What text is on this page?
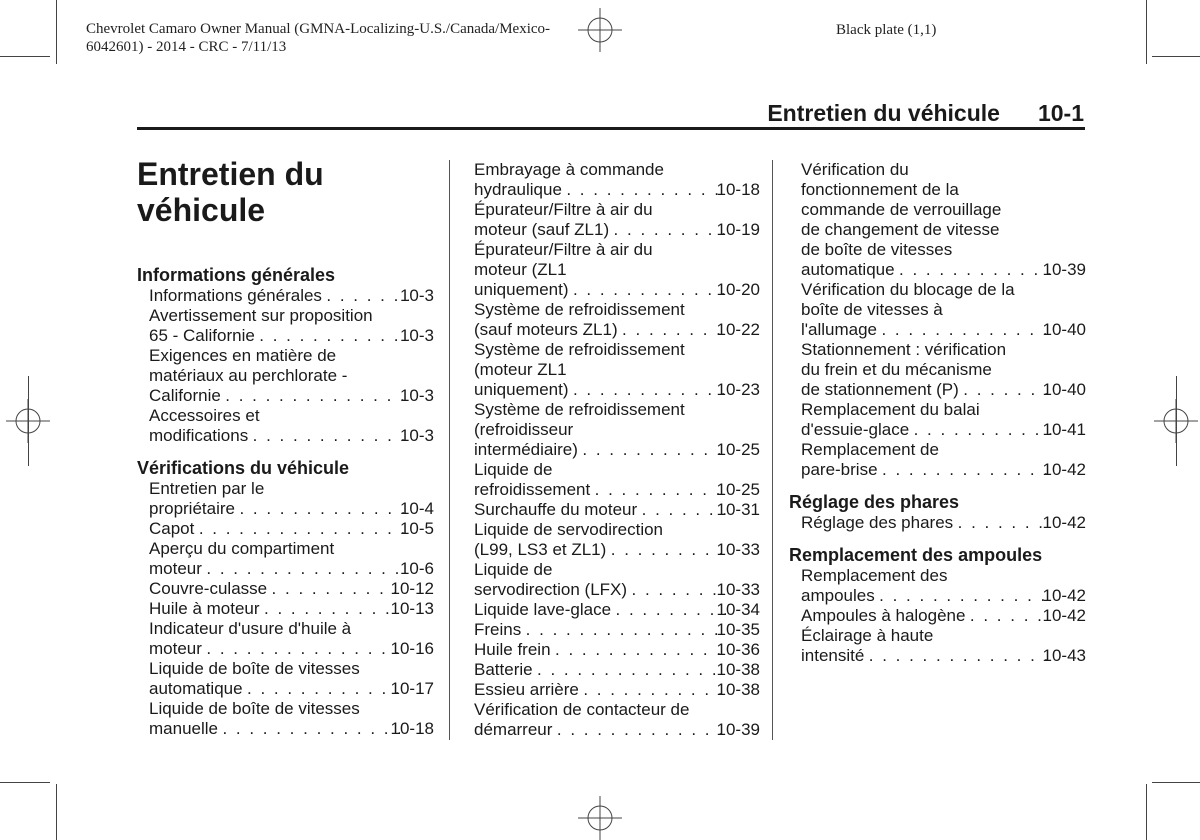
Chevrolet Camaro Owner Manual (GMNA-Localizing-U.S./Canada/Mexico-
6042601) - 2014 - CRC - 7/11/13
Black plate (1,1)
Entretien du véhicule 10-1
Entretien du
véhicule
Informations générales
Informations générales . . .	10-3
Avertissement sur proposition
65 - Californie . . .	10-3
Exigences en matière de
matériaux au perchlorate -
Californie . . .	10-3
Accessoires et
modifications . . .	10-3
Vérifications du véhicule
Entretien par le
propriétaire . . .	10-4
Capot . . .	10-5
Aperçu du compartiment
moteur . . .	10-6
Couvre-culasse . . .	10-12
Huile à moteur . . .	10-13
Indicateur d'usure d'huile à
moteur . . .	10-16
Liquide de boîte de vitesses
automatique . . .	10-17
Liquide de boîte de vitesses
manuelle . . .	10-18
Embrayage à commande
hydraulique . . .	10-18
Épurateur/Filtre à air du
moteur (sauf ZL1) . . .	10-19
Épurateur/Filtre à air du
moteur (ZL1
uniquement) . . .	10-20
Système de refroidissement
(sauf moteurs ZL1) . . .	10-22
Système de refroidissement
(moteur ZL1
uniquement) . . .	10-23
Système de refroidissement
(refroidisseur
intermédiaire) . . .	10-25
Liquide de
refroidissement . . .	10-25
Surchauffe du moteur . . .	10-31
Liquide de servodirection
(L99, LS3 et ZL1) . . .	10-33
Liquide de
servodirection (LFX) . . .	10-33
Liquide lave-glace . . .	10-34
Freins . . .	10-35
Huile frein . . .	10-36
Batterie . . .	10-38
Essieu arrière . . .	10-38
Vérification de contacteur de
démarreur . . .	10-39
Vérification du
fonctionnement de la
commande de verrouillage
de changement de vitesse
de boîte de vitesses
automatique . . .	10-39
Vérification du blocage de la
boîte de vitesses à
l'allumage . . .	10-40
Stationnement : vérification
du frein et du mécanisme
de stationnement (P) . . .	10-40
Remplacement du balai
d'essuie-glace . . .	10-41
Remplacement de
pare-brise . . .	10-42
Réglage des phares
Réglage des phares . . .	10-42
Remplacement des ampoules
Remplacement des
ampoules . . .	10-42
Ampoules à halogène . . .	10-42
Éclairage à haute
intensité . . .	10-43
